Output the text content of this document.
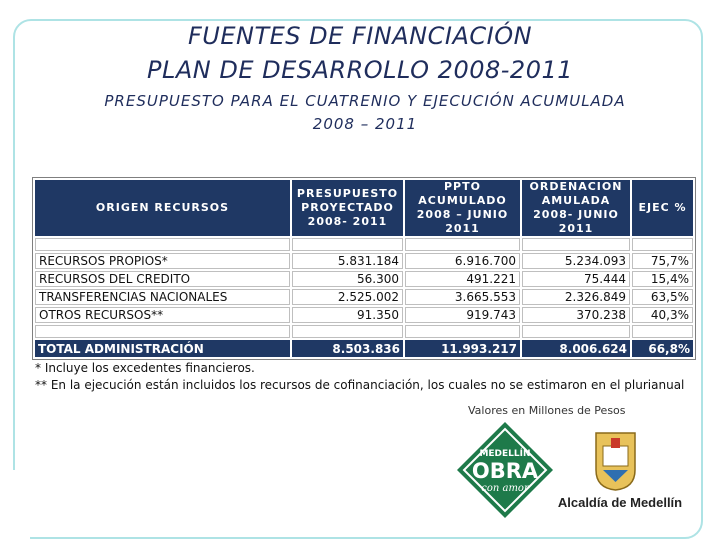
FUENTES DE FINANCIACIÓN
PLAN DE DESARROLLO 2008-2011
PRESUPUESTO PARA EL CUATRENIO Y EJECUCIÓN ACUMULADA
2008 – 2011
ORIGEN RECURSOS	PRESUPUESTO PROYECTADO 2008- 2011	PPTO ACUMULADO 2008 – JUNIO 2011	ORDENACION AMULADA 2008- JUNIO 2011	EJEC %

RECURSOS PROPIOS*	5.831.184	6.916.700	5.234.093	75,7%
RECURSOS DEL CREDITO	56.300	491.221	75.444	15,4%
TRANSFERENCIAS NACIONALES	2.525.002	3.665.553	2.326.849	63,5%
OTROS RECURSOS**	91.350	919.743	370.238	40,3%

TOTAL ADMINISTRACIÓN	8.503.836	11.993.217	8.006.624	66,8%
* Incluye los excedentes financieros.
** En la ejecución están incluidos los recursos de cofinanciación, los cuales no se estimaron en el plurianual
Valores en Millones de Pesos
MEDELLÍN
OBRA
con amor
Alcaldía de Medellín
